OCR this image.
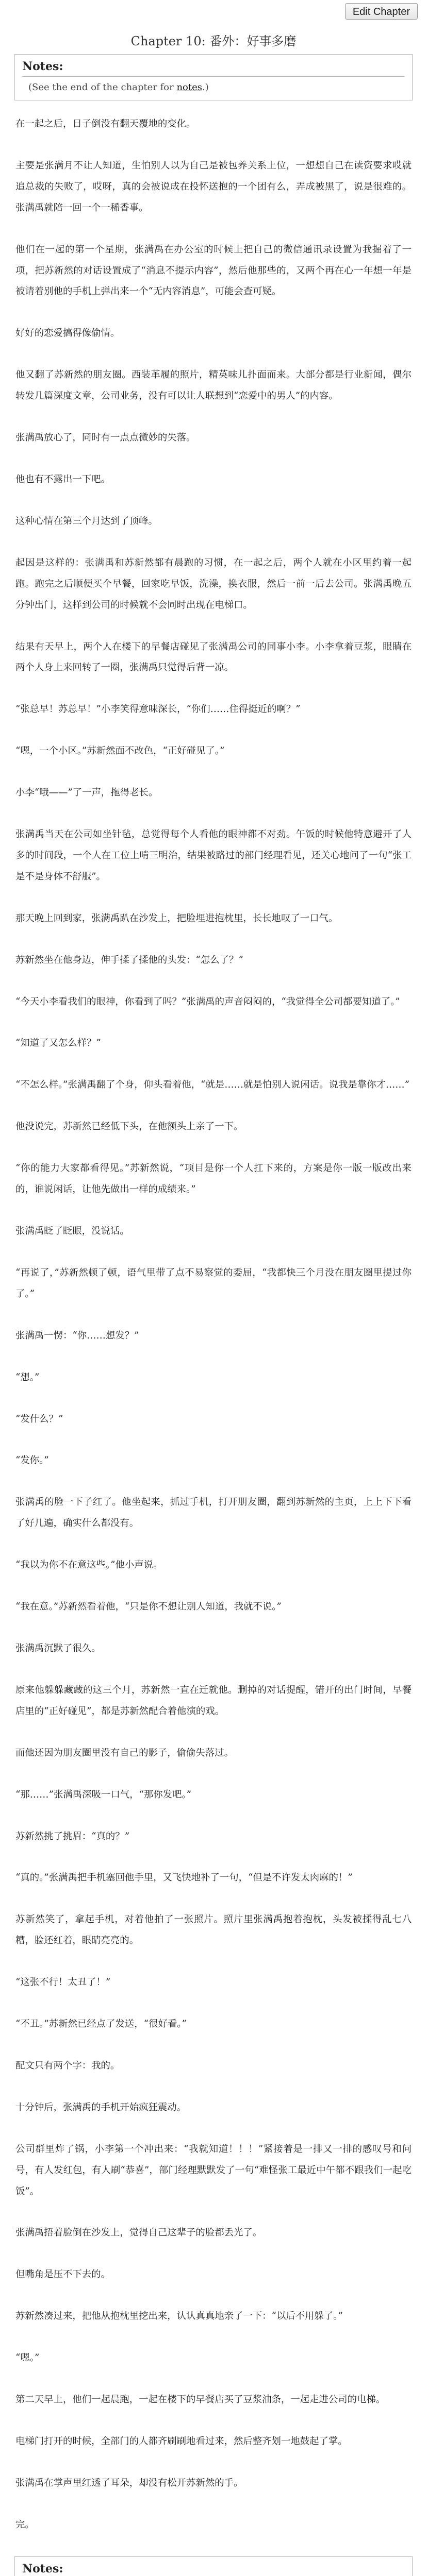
Edit Chapter
Chapter 10: 番外：好事多磨
Notes:
(See the end of the chapter for notes.)

在一起之后，日子倒没有翻天覆地的变化。

主要是张满月不让人知道，生怕别人以为自己是被包养关系上位，一想想自己在读资要求哎就追总裁的失败了，哎呀，真的会被说成在投怀送抱的一个团有么，弄成被黑了，说是很难的。张满禹就陪一回一个一稀香事。

他们在一起的第一个星期，张满禹在办公室的时候上把自己的微信通讯录设置为我掘着了一项，把苏新然的对话设置成了“消息不提示内容”，然后他那些的，又两个再在心一年想一年是被请着别他的手机上弹出来一个“无内容消息”，可能会查可疑。

好好的恋爱搞得像偷情。

他又翻了苏新然的朋友圈。西装革履的照片，精英味儿扑面而来。大部分都是行业新闻，偶尔转发几篇深度文章，公司业务，没有可以让人联想到“恋爱中的男人”的内容。

张满禹放心了，同时有一点点微妙的失落。

他也有不露出一下吧。

这种心情在第三个月达到了顶峰。

起因是这样的：张满禹和苏新然都有晨跑的习惯，在一起之后，两个人就在小区里约着一起跑。跑完之后顺便买个早餐，回家吃早饭，洗澡，换衣服，然后一前一后去公司。张满禹晚五分钟出门，这样到公司的时候就不会同时出现在电梯口。

结果有天早上，两个人在楼下的早餐店碰见了张满禹公司的同事小李。小李拿着豆浆，眼睛在两个人身上来回转了一圈，张满禹只觉得后背一凉。

“张总早！苏总早！”小李笑得意味深长，“你们……住得挺近的啊？”

“嗯，一个小区。”苏新然面不改色，“正好碰见了。”

小李“哦——”了一声，拖得老长。

张满禹当天在公司如坐针毡，总觉得每个人看他的眼神都不对劲。午饭的时候他特意避开了人多的时间段，一个人在工位上啃三明治，结果被路过的部门经理看见，还关心地问了一句“张工是不是身体不舒服”。

那天晚上回到家，张满禹趴在沙发上，把脸埋进抱枕里，长长地叹了一口气。

苏新然坐在他身边，伸手揉了揉他的头发：“怎么了？”

“今天小李看我们的眼神，你看到了吗？”张满禹的声音闷闷的，“我觉得全公司都要知道了。”

“知道了又怎么样？”

“不怎么样。”张满禹翻了个身，仰头看着他，“就是……就是怕别人说闲话。说我是靠你才……”

他没说完，苏新然已经低下头，在他额头上亲了一下。

“你的能力大家都看得见。”苏新然说，“项目是你一个人扛下来的，方案是你一版一版改出来的，谁说闲话，让他先做出一样的成绩来。”

张满禹眨了眨眼，没说话。

“再说了，”苏新然顿了顿，语气里带了点不易察觉的委屈，“我都快三个月没在朋友圈里提过你了。”

张满禹一愣：“你……想发？”

“想。”

“发什么？”

“发你。”

张满禹的脸一下子红了。他坐起来，抓过手机，打开朋友圈，翻到苏新然的主页，上上下下看了好几遍，确实什么都没有。

“我以为你不在意这些。”他小声说。

“我在意。”苏新然看着他，“只是你不想让别人知道，我就不说。”

张满禹沉默了很久。

原来他躲躲藏藏的这三个月，苏新然一直在迁就他。删掉的对话提醒，错开的出门时间，早餐店里的“正好碰见”，都是苏新然配合着他演的戏。

而他还因为朋友圈里没有自己的影子，偷偷失落过。

“那……”张满禹深吸一口气，“那你发吧。”

苏新然挑了挑眉：“真的？”

“真的。”张满禹把手机塞回他手里，又飞快地补了一句，“但是不许发太肉麻的！”

苏新然笑了，拿起手机，对着他拍了一张照片。照片里张满禹抱着抱枕，头发被揉得乱七八糟，脸还红着，眼睛亮亮的。

“这张不行！太丑了！”

“不丑。”苏新然已经点了发送，“很好看。”

配文只有两个字：我的。

十分钟后，张满禹的手机开始疯狂震动。

公司群里炸了锅，小李第一个冲出来：“我就知道！！！”紧接着是一排又一排的感叹号和问号，有人发红包，有人刷“恭喜”，部门经理默默发了一句“难怪张工最近中午都不跟我们一起吃饭”。

张满禹捂着脸倒在沙发上，觉得自己这辈子的脸都丢光了。

但嘴角是压不下去的。

苏新然凑过来，把他从抱枕里挖出来，认认真真地亲了一下：“以后不用躲了。”

“嗯。”

第二天早上，他们一起晨跑，一起在楼下的早餐店买了豆浆油条，一起走进公司的电梯。

电梯门打开的时候，全部门的人都齐刷刷地看过来，然后整齐划一地鼓起了掌。

张满禹在掌声里红透了耳朵，却没有松开苏新然的手。

完。

Notes:
